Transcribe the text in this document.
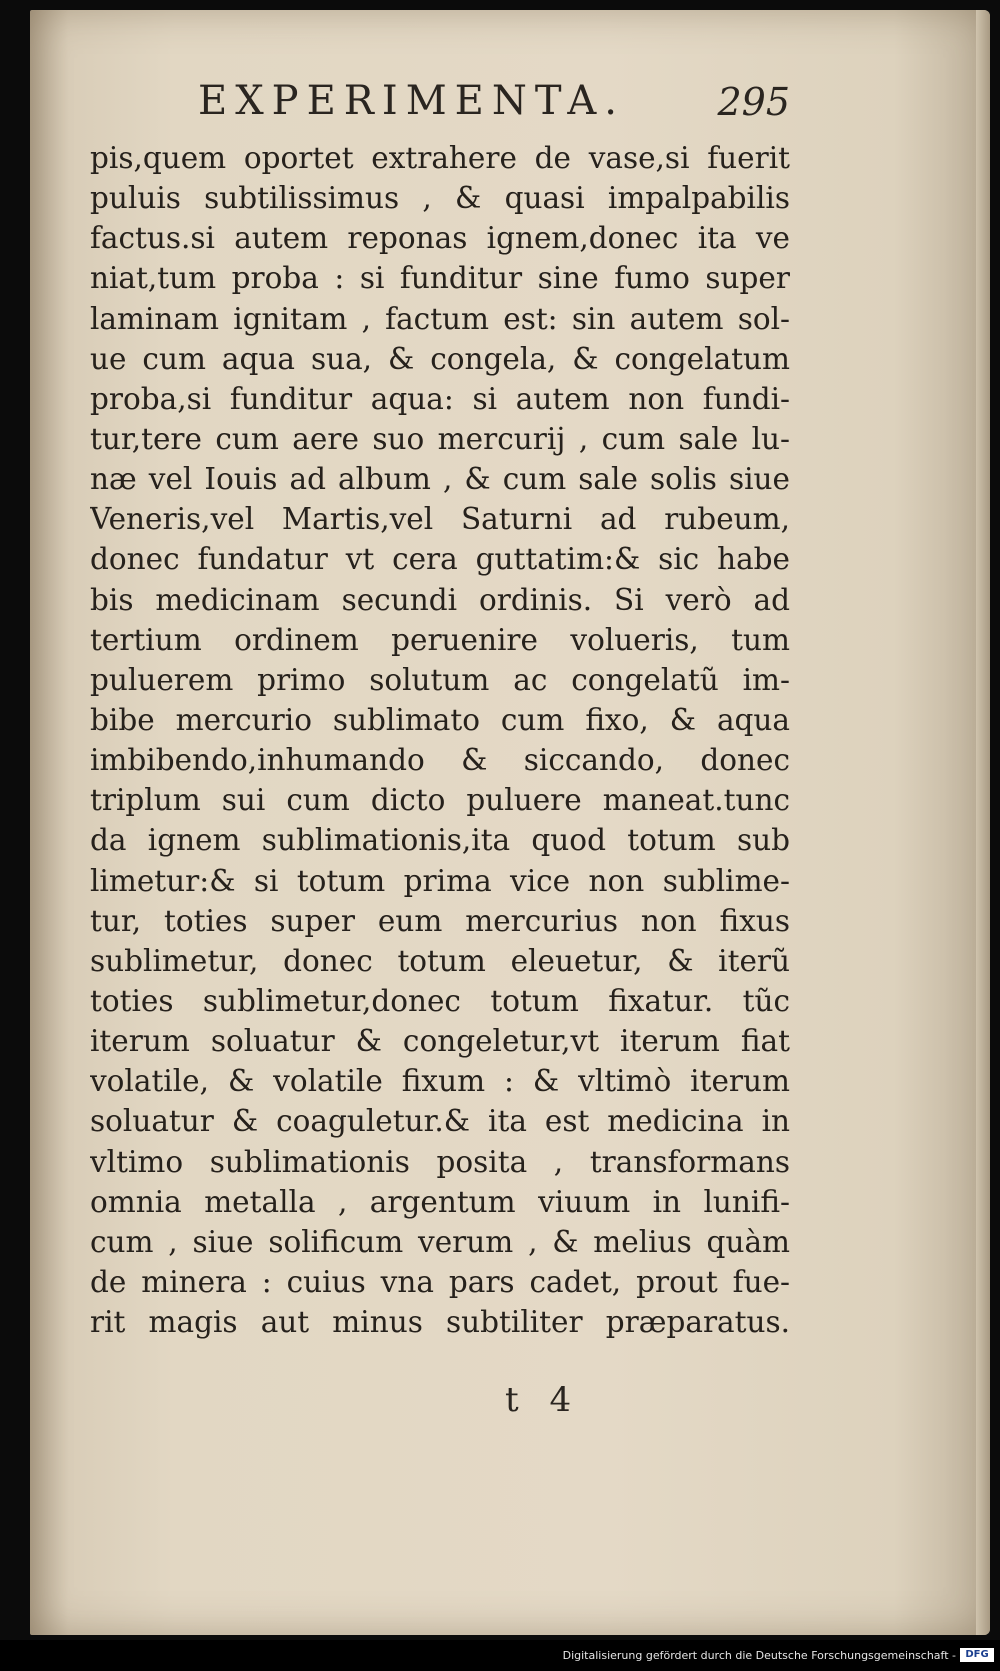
EXPERIMENTA. 295
pis,quem oportet extrahere de vase,si fuerit
puluis subtilissimus , & quasi impalpabilis
factus.si autem reponas ignem,donec ita ve
niat,tum proba : si funditur sine fumo super
laminam ignitam , factum est: sin autem sol-
ue cum aqua sua, & congela, & congelatum
proba,si funditur aqua: si autem non fundi-
tur,tere cum aere suo mercurij , cum sale lu-
næ vel Iouis ad album , & cum sale solis siue
Veneris,vel Martis,vel Saturni ad rubeum,
donec fundatur vt cera guttatim:& sic habe
bis medicinam secundi ordinis. Si verò ad
tertium ordinem peruenire volueris, tum
puluerem primo solutum ac congelatũ im-
bibe mercurio sublimato cum fixo, & aqua
imbibendo,inhumando & siccando, donec
triplum sui cum dicto puluere maneat.tunc
da ignem sublimationis,ita quod totum sub
limetur:& si totum prima vice non sublime-
tur, toties super eum mercurius non fixus
sublimetur, donec totum eleuetur, & iterũ
toties sublimetur,donec totum fixatur. tũc
iterum soluatur & congeletur,vt iterum fiat
volatile, & volatile fixum : & vltimò iterum
soluatur & coaguletur.& ita est medicina in
vltimo sublimationis posita , transformans
omnia metalla , argentum viuum in lunifi-
cum , siue solificum verum , & melius quàm
de minera : cuius vna pars cadet, prout fue-
rit magis aut minus subtiliter præparatus.
t 4
Digitalisierung gefördert durch die Deutsche Forschungsgemeinschaft - DFG
